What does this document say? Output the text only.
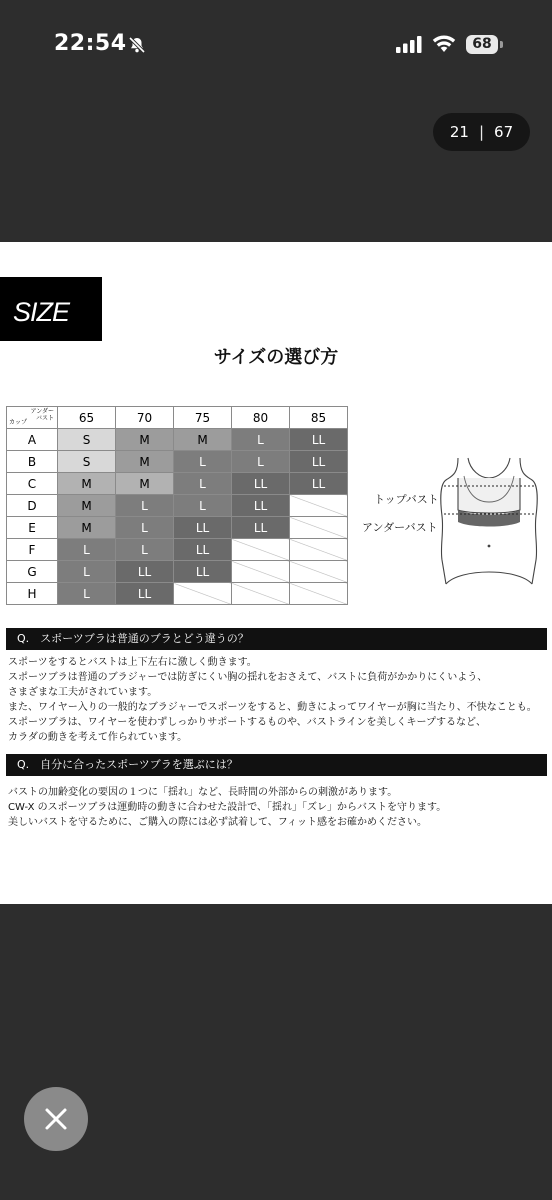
22:54	68
21 | 67
SIZE
サイズの選び方
カップ
アンダー
バスト	65	70	75	80	85
A	S	M	M	L	LL
B	S	M	L	L	LL
C	M	M	L	LL	LL
D	M	L	L	LL	
E	M	L	LL	LL	
F	L	L	LL		
G	L	LL	LL		
H	L	LL			
トップバスト
アンダーバスト
Q.　スポーツブラは普通のブラとどう違うの？
スポーツをするとバストは上下左右に激しく動きます。
スポーツブラは普通のブラジャーでは防ぎにくい胸の揺れをおさえて、バストに負荷がかかりにくいよう、
さまざまな工夫がされています。
また、ワイヤー入りの一般的なブラジャーでスポーツをすると、動きによってワイヤーが胸に当たり、不快なことも。
スポーツブラは、ワイヤーを使わずしっかりサポートするものや、バストラインを美しくキープするなど、
カラダの動きを考えて作られています。
Q.　自分に合ったスポーツブラを選ぶには？
バストの加齢変化の要因の１つに「揺れ」など、長時間の外部からの刺激があります。
CW-X のスポーツブラは運動時の動きに合わせた設計で、「揺れ」「ズレ」からバストを守ります。
美しいバストを守るために、ご購入の際には必ず試着して、フィット感をお確かめください。
